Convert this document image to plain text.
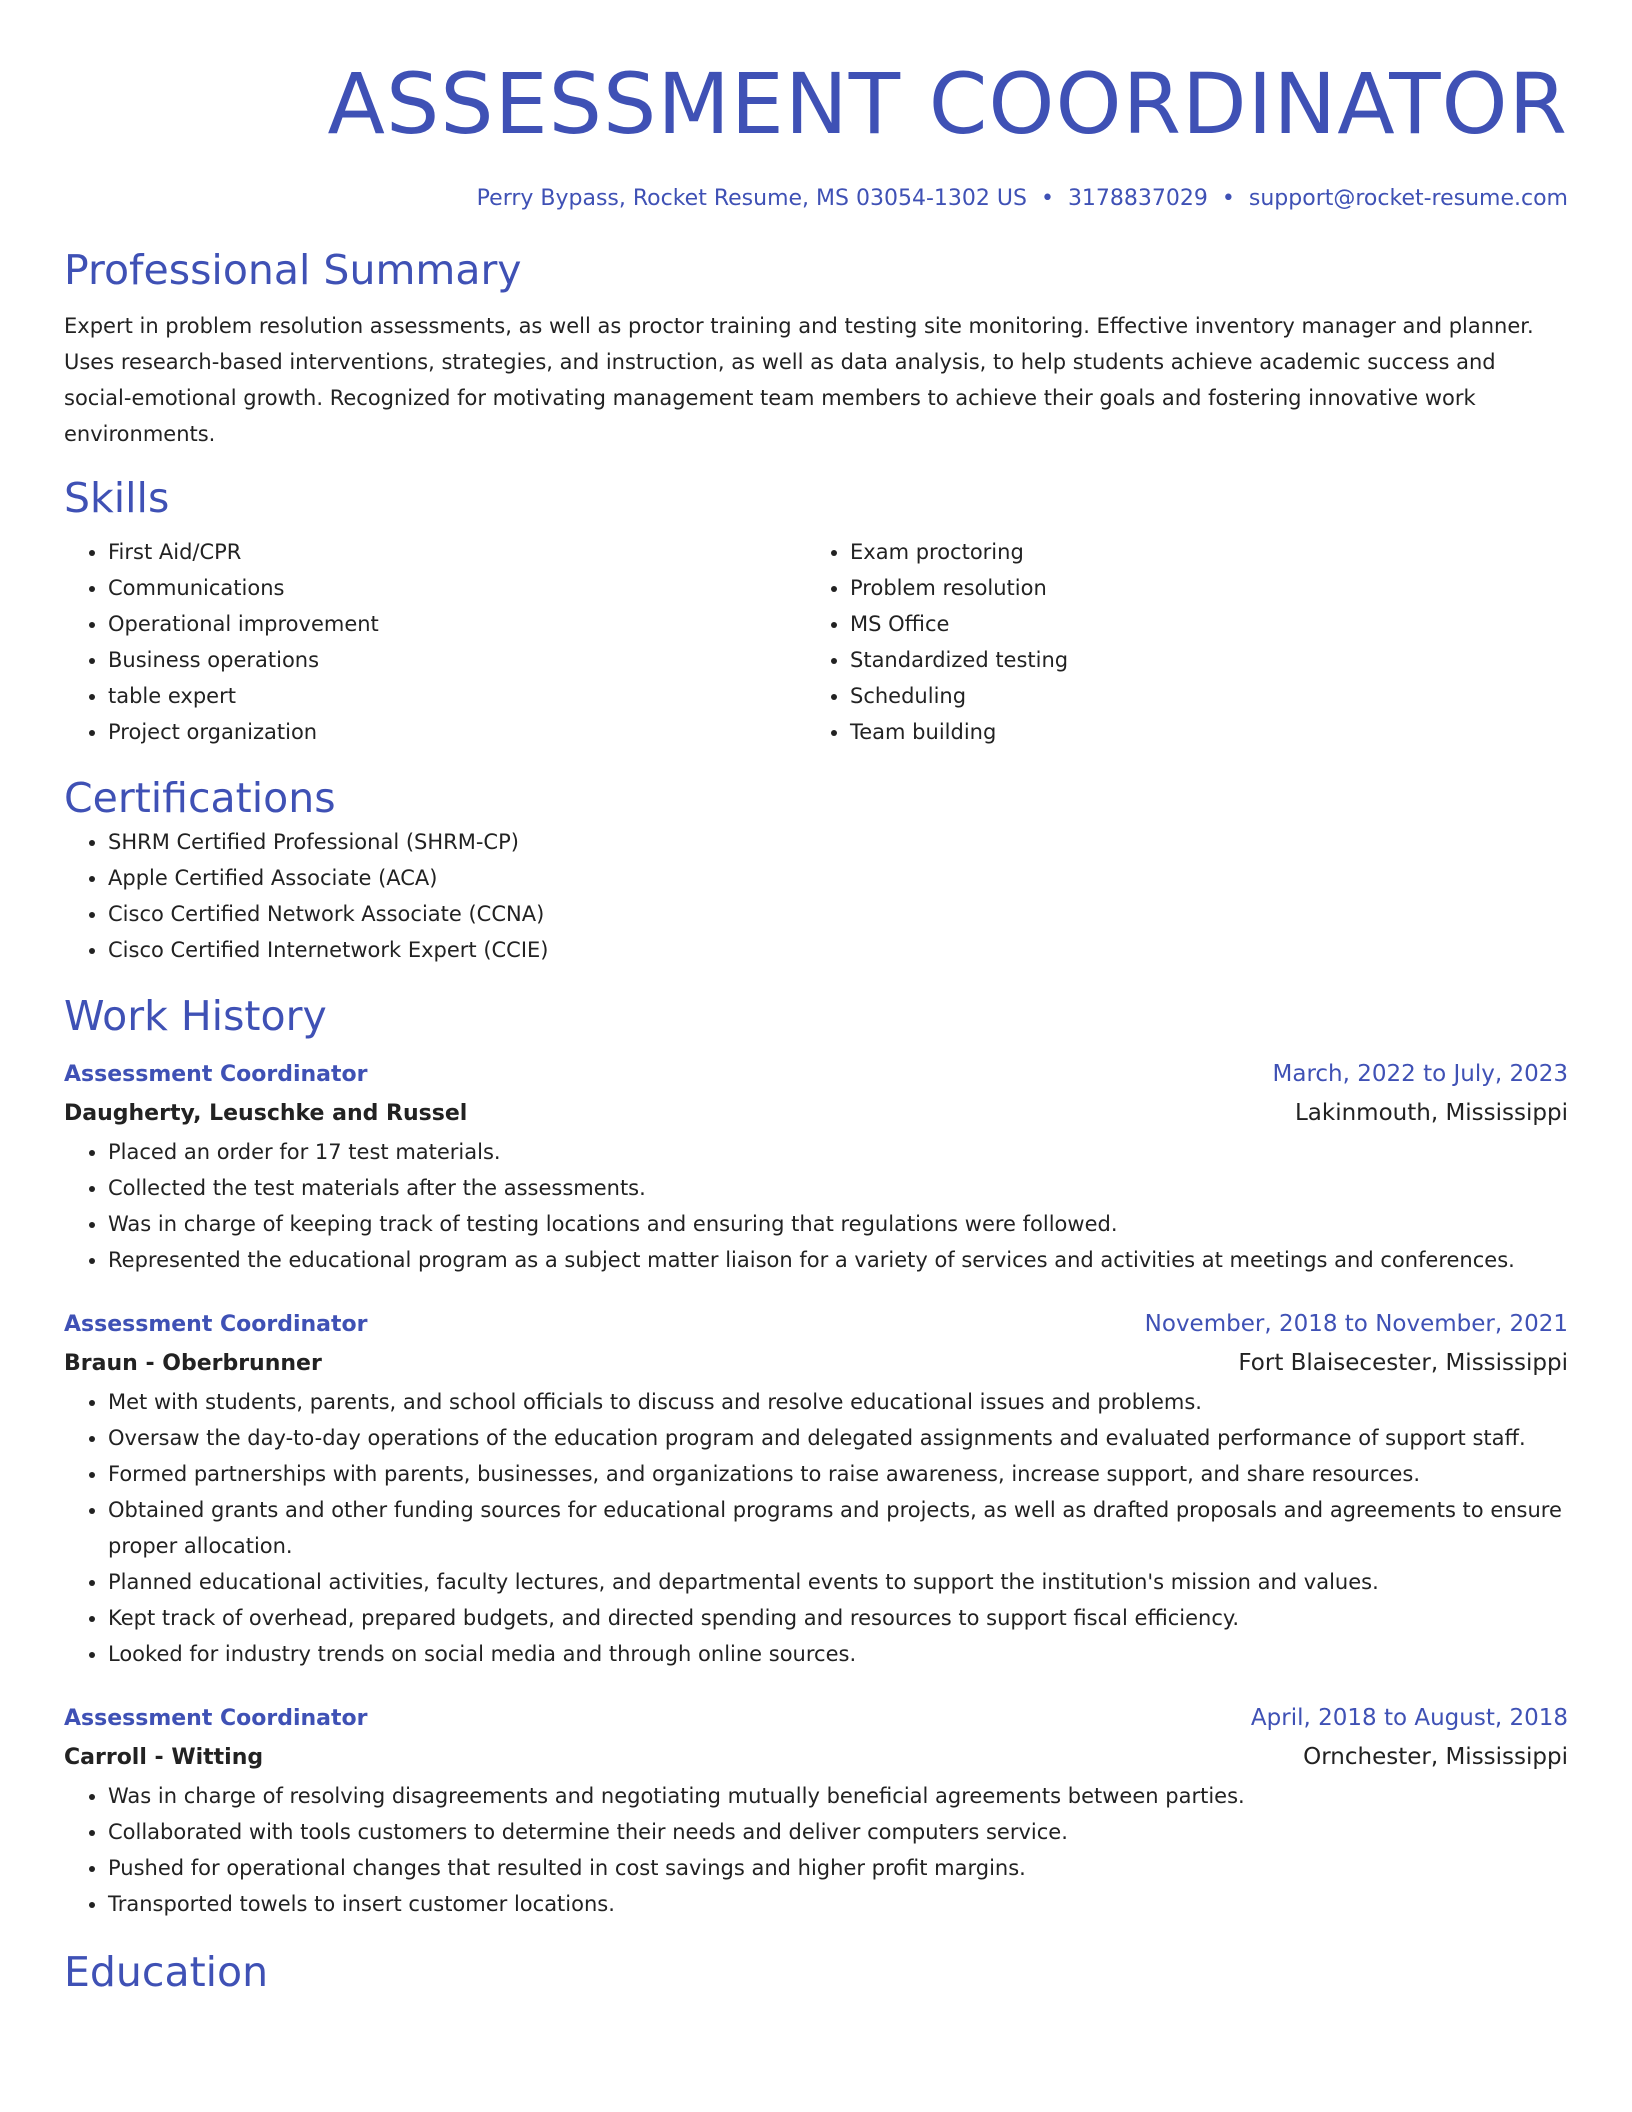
ASSESSMENT COORDINATOR
Perry Bypass, Rocket Resume, MS 03054-1302 US • 3178837029 • support@rocket-resume.com
Professional Summary

Expert in problem resolution assessments, as well as proctor training and testing site monitoring. Effective inventory manager and planner. Uses research-based interventions, strategies, and instruction, as well as data analysis, to help students achieve academic success and social-emotional growth. Recognized for motivating management team members to achieve their goals and fostering innovative work environments.

Skills
• First Aid/CPR
• Communications
• Operational improvement
• Business operations
• table expert
• Project organization
• Exam proctoring
• Problem resolution
• MS Office
• Standardized testing
• Scheduling
• Team building
Certifications
• SHRM Certified Professional (SHRM-CP)
• Apple Certified Associate (ACA)
• Cisco Certified Network Associate (CCNA)
• Cisco Certified Internetwork Expert (CCIE)
Work History
Assessment Coordinator	March, 2022 to July, 2023
Daugherty, Leuschke and Russel	Lakinmouth, Mississippi
• Placed an order for 17 test materials.
• Collected the test materials after the assessments.
• Was in charge of keeping track of testing locations and ensuring that regulations were followed.
• Represented the educational program as a subject matter liaison for a variety of services and activities at meetings and conferences.
Assessment Coordinator	November, 2018 to November, 2021
Braun - Oberbrunner	Fort Blaisecester, Mississippi
• Met with students, parents, and school officials to discuss and resolve educational issues and problems.
• Oversaw the day-to-day operations of the education program and delegated assignments and evaluated performance of support staff.
• Formed partnerships with parents, businesses, and organizations to raise awareness, increase support, and share resources.
• Obtained grants and other funding sources for educational programs and projects, as well as drafted proposals and agreements to ensure proper allocation.
• Planned educational activities, faculty lectures, and departmental events to support the institution's mission and values.
• Kept track of overhead, prepared budgets, and directed spending and resources to support fiscal efficiency.
• Looked for industry trends on social media and through online sources.
Assessment Coordinator	April, 2018 to August, 2018
Carroll - Witting	Ornchester, Mississippi
• Was in charge of resolving disagreements and negotiating mutually beneficial agreements between parties.
• Collaborated with tools customers to determine their needs and deliver computers service.
• Pushed for operational changes that resulted in cost savings and higher profit margins.
• Transported towels to insert customer locations.
Education
